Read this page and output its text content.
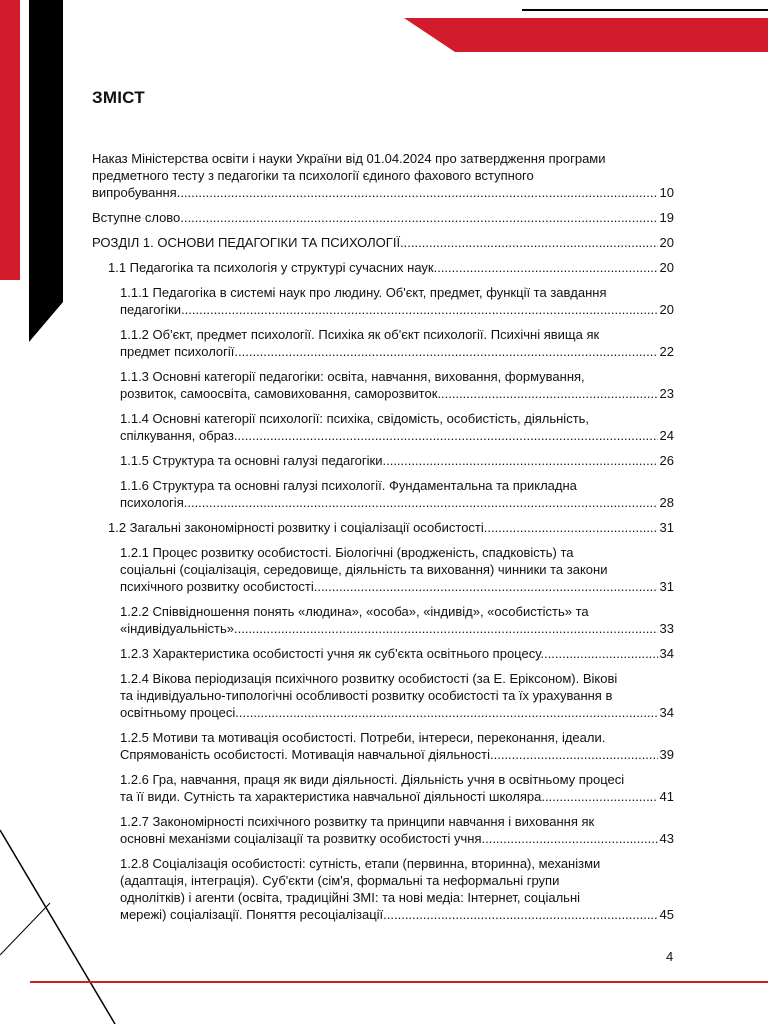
ЗМІСТ
Наказ Міністерства освіти і науки України від 01.04.2024 про затвердження програми
предметного тесту з педагогіки та психології єдиного фахового вступного
випробування .....	10
Вступне слово .....	19
РОЗДІЛ 1. ОСНОВИ ПЕДАГОГІКИ ТА ПСИХОЛОГІЇ .....	20
1.1 Педагогіка та психологія у структурі сучасних наук .....	20
1.1.1 Педагогіка в системі наук про людину. Об'єкт, предмет, функції та завдання
педагогіки .....	20
1.1.2 Об'єкт, предмет психології. Психіка як об'єкт психології. Психічні явища як
предмет психології. .....	22
1.1.3 Основні категорії педагогіки: освіта, навчання, виховання, формування,
розвиток, самоосвіта, самовиховання, саморозвиток. .....	23
1.1.4 Основні категорії психології: психіка, свідомість, особистість, діяльність,
спілкування, образ. .....	24
1.1.5 Структура та основні галузі педагогіки. .....	26
1.1.6 Структура та основні галузі психології. Фундаментальна та прикладна
психологія. .....	28
1.2 Загальні закономірності розвитку і соціалізації особистості .....	31
1.2.1 Процес розвитку особистості. Біологічні (вродженість, спадковість) та
соціальні (соціалізація, середовище, діяльність та виховання) чинники та закони
психічного розвитку особистості. .....	31
1.2.2 Співвідношення понять «людина», «особа», «індивід», «особистість» та
«індивідуальність». .....	33
1.2.3 Характеристика особистості учня як суб'єкта освітнього процесу. .....	34
1.2.4 Вікова періодизація психічного розвитку особистості (за Е. Еріксоном). Вікові
та індивідуально-типологічні особливості розвитку особистості та їх урахування в
освітньому процесі. .....	34
1.2.5 Мотиви та мотивація особистості. Потреби, інтереси, переконання, ідеали.
Спрямованість особистості. Мотивація навчальної діяльності. .....	39
1.2.6 Гра, навчання, праця як види діяльності. Діяльність учня в освітньому процесі
та її види. Сутність та характеристика навчальної діяльності школяра. .....	41
1.2.7 Закономірності психічного розвитку та принципи навчання і виховання як
основні механізми соціалізації та розвитку особистості учня. .....	43
1.2.8 Соціалізація особистості: сутність, етапи (первинна, вторинна), механізми
(адаптація, інтеграція). Суб'єкти (сім'я, формальні та неформальні групи
однолітків) і агенти (освіта, традиційні ЗМІ: та нові медіа: Інтернет, соціальні
мережі) соціалізації. Поняття ресоціалізації. .....	45
4
